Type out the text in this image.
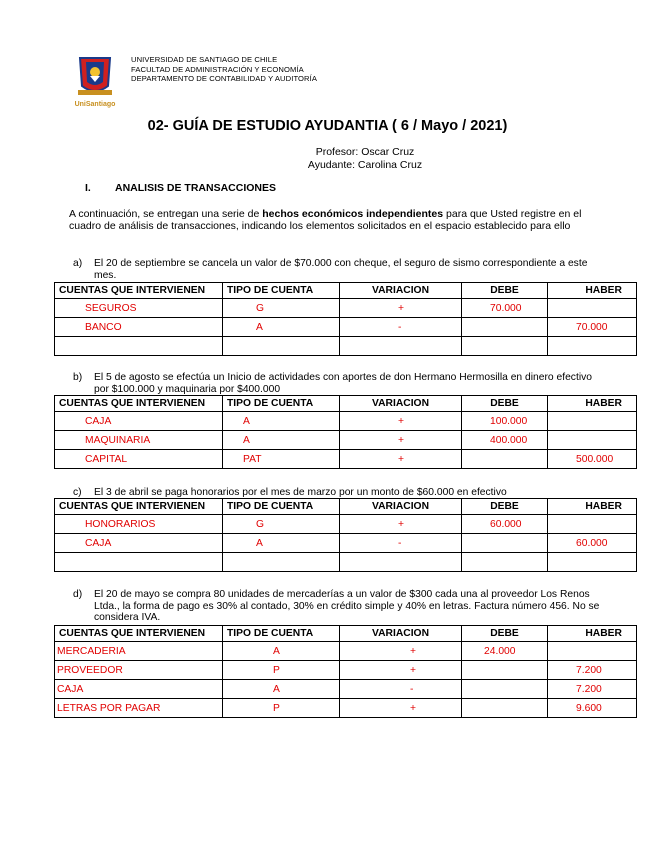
UniSantiago
UNIVERSIDAD DE SANTIAGO DE CHILE
FACULTAD DE ADMINISTRACIÓN Y ECONOMÍA
DEPARTAMENTO DE CONTABILIDAD Y AUDITORÍA
02- GUÍA DE ESTUDIO AYUDANTIA ( 6 / Mayo / 2021)
Profesor: Oscar Cruz
Ayudante: Carolina Cruz
I. ANALISIS DE TRANSACCIONES
A continuación, se entregan una serie de hechos económicos independientes para que Usted registre en el cuadro de análisis de transacciones, indicando los elementos solicitados en el espacio establecido para ello
a) El 20 de septiembre se cancela un valor de $70.000 con cheque, el seguro de sismo correspondiente a este mes.
CUENTAS QUE INTERVIENEN	TIPO DE CUENTA	VARIACION	DEBE	HABER
SEGUROS	G	+	70.000	
BANCO	A	-		70.000

b) El 5 de agosto se efectúa un Inicio de actividades con aportes de don Hermano Hermosilla en dinero efectivo por $100.000 y maquinaria por $400.000
CUENTAS QUE INTERVIENEN	TIPO DE CUENTA	VARIACION	DEBE	HABER
CAJA	A	+	100.000	
MAQUINARIA	A	+	400.000	
CAPITAL	PAT	+		500.000
c) El 3 de abril se paga honorarios por el mes de marzo por un monto de $60.000 en efectivo
CUENTAS QUE INTERVIENEN	TIPO DE CUENTA	VARIACION	DEBE	HABER
HONORARIOS	G	+	60.000	
CAJA	A	-		60.000

d) El 20 de mayo se compra 80 unidades de mercaderías a un valor de $300 cada una al proveedor Los Renos Ltda., la forma de pago es 30% al contado, 30% en crédito simple y 40% en letras. Factura número 456. No se considera IVA.
CUENTAS QUE INTERVIENEN	TIPO DE CUENTA	VARIACION	DEBE	HABER
MERCADERIA	A	+	24.000	
PROVEEDOR	P	+		7.200
CAJA	A	-		7.200
LETRAS POR PAGAR	P	+		9.600
